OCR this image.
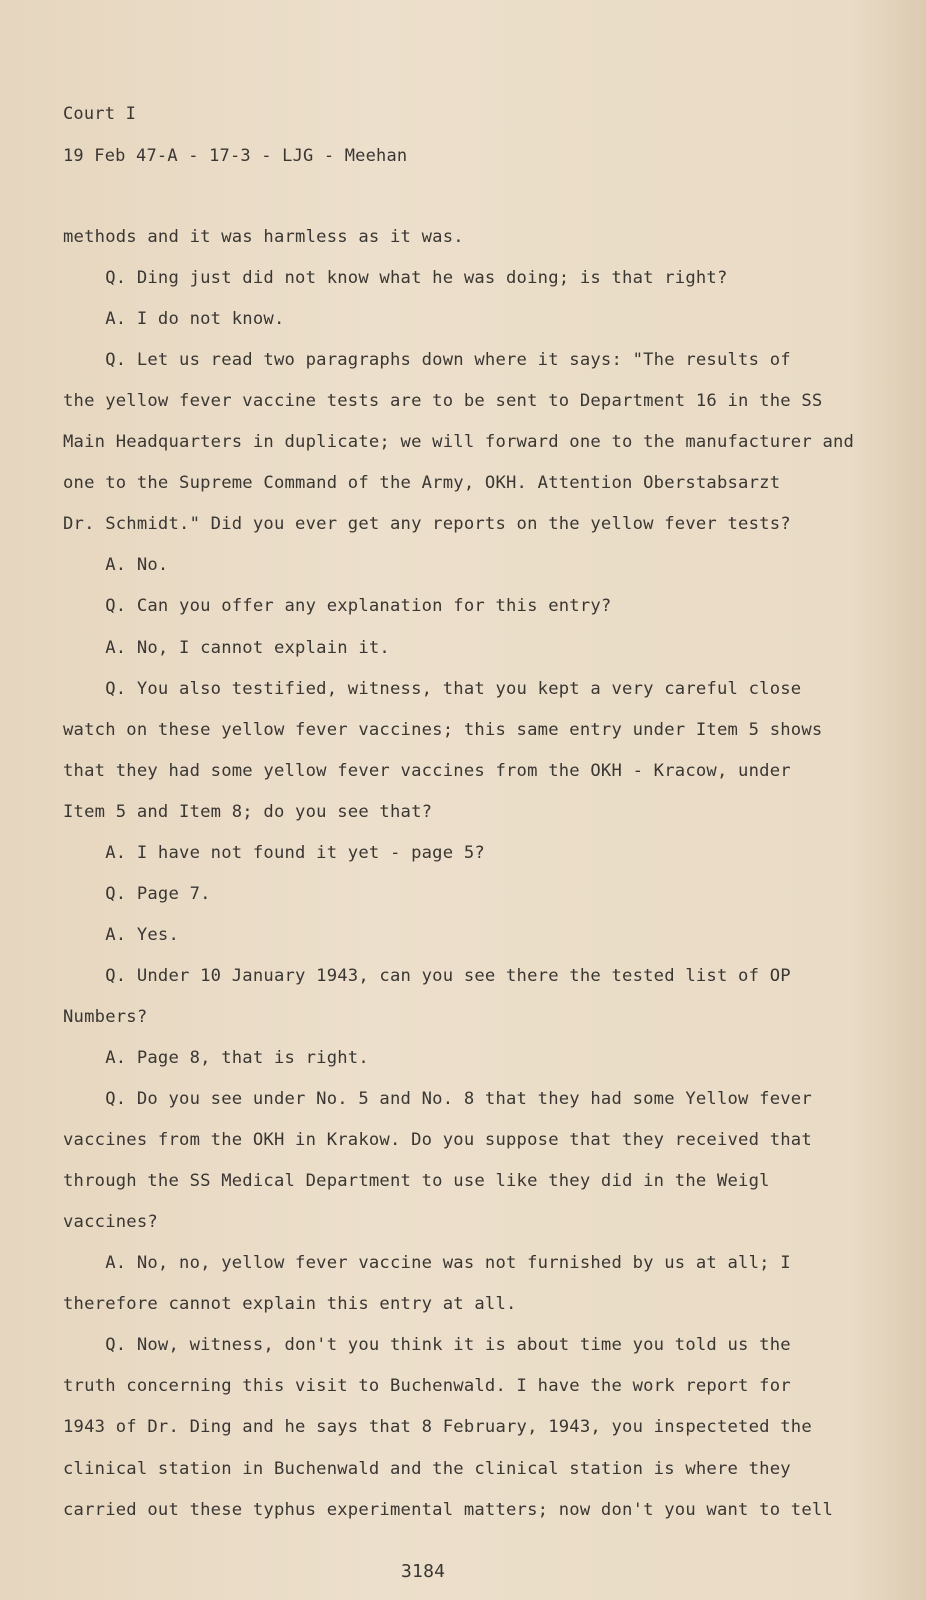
Court I
19 Feb 47-A - 17-3 - LJG - Meehan
methods and it was harmless as it was.
Q. Ding just did not know what he was doing; is that right?
A. I do not know.
Q. Let us read two paragraphs down where it says: "The results of
the yellow fever vaccine tests are to be sent to Department 16 in the SS
Main Headquarters in duplicate; we will forward one to the manufacturer and
one to the Supreme Command of the Army, OKH. Attention Oberstabsarzt
Dr. Schmidt." Did you ever get any reports on the yellow fever tests?
A. No.
Q. Can you offer any explanation for this entry?
A. No, I cannot explain it.
Q. You also testified, witness, that you kept a very careful close
watch on these yellow fever vaccines; this same entry under Item 5 shows
that they had some yellow fever vaccines from the OKH - Kracow, under
Item 5 and Item 8; do you see that?
A. I have not found it yet - page 5?
Q. Page 7.
A. Yes.
Q. Under 10 January 1943, can you see there the tested list of OP
Numbers?
A. Page 8, that is right.
Q. Do you see under No. 5 and No. 8 that they had some Yellow fever
vaccines from the OKH in Krakow. Do you suppose that they received that
through the SS Medical Department to use like they did in the Weigl
vaccines?
A. No, no, yellow fever vaccine was not furnished by us at all; I
therefore cannot explain this entry at all.
Q. Now, witness, don't you think it is about time you told us the
truth concerning this visit to Buchenwald. I have the work report for
1943 of Dr. Ding and he says that 8 February, 1943, you inspecteted the
clinical station in Buchenwald and the clinical station is where they
carried out these typhus experimental matters; now don't you want to tell
3184
